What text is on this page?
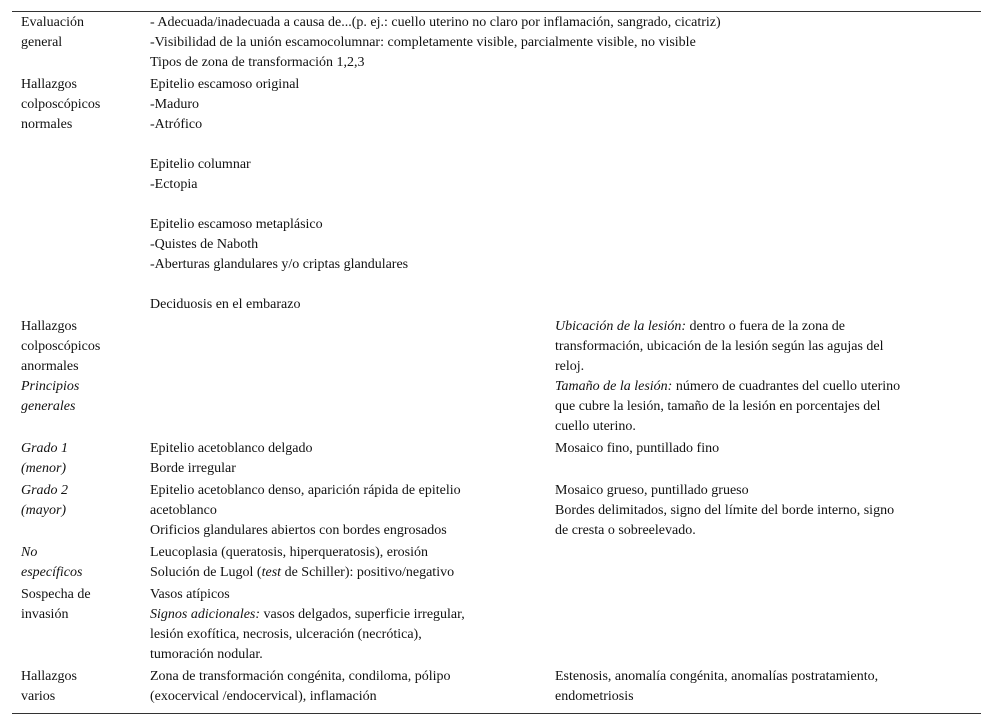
Evaluación
general
- Adecuada/inadecuada a causa de...(p. ej.: cuello uterino no claro por inflamación, sangrado, cicatriz)
-Visibilidad de la unión escamocolumnar: completamente visible, parcialmente visible, no visible
Tipos de zona de transformación 1,2,3
Hallazgos
colposcópicos
normales
Epitelio escamoso original
-Maduro
-Atrófico
Epitelio columnar
-Ectopia
Epitelio escamoso metaplásico
-Quistes de Naboth
-Aberturas glandulares y/o criptas glandulares
Deciduosis en el embarazo
Hallazgos
colposcópicos
anormales
Principios
generales
Ubicación de la lesión: dentro o fuera de la zona de
transformación, ubicación de la lesión según las agujas del
reloj.
Tamaño de la lesión: número de cuadrantes del cuello uterino
que cubre la lesión, tamaño de la lesión en porcentajes del
cuello uterino.
Grado 1
(menor)
Epitelio acetoblanco delgado
Borde irregular
Mosaico fino, puntillado fino
Grado 2
(mayor)
Epitelio acetoblanco denso, aparición rápida de epitelio
acetoblanco
Orificios glandulares abiertos con bordes engrosados
Mosaico grueso, puntillado grueso
Bordes delimitados, signo del límite del borde interno, signo
de cresta o sobreelevado.
No
específicos
Leucoplasia (queratosis, hiperqueratosis), erosión
Solución de Lugol (test de Schiller): positivo/negativo
Sospecha de
invasión
Vasos atípicos
Signos adicionales: vasos delgados, superficie irregular,
lesión exofítica, necrosis, ulceración (necrótica),
tumoración nodular.
Hallazgos
varios
Zona de transformación congénita, condiloma, pólipo
(exocervical /endocervical), inflamación
Estenosis, anomalía congénita, anomalías postratamiento,
endometriosis
